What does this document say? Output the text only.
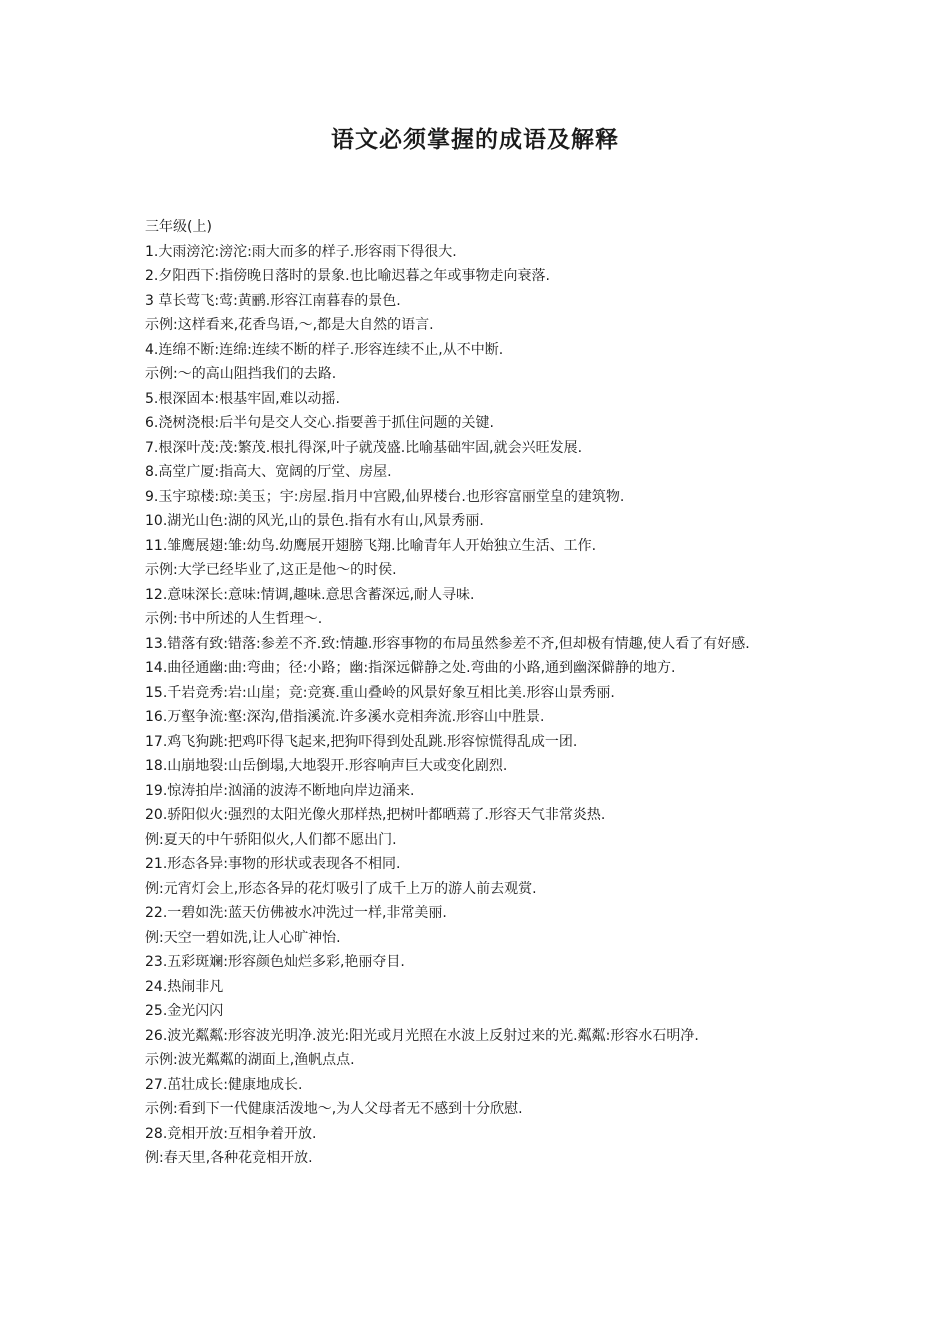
语文必须掌握的成语及解释

三年级(上)

1.大雨滂沱:滂沱:雨大而多的样子.形容雨下得很大.

2.夕阳西下:指傍晚日落时的景象.也比喻迟暮之年或事物走向衰落.

3 草长莺飞:莺:黄鹂.形容江南暮春的景色.

示例:这样看来,花香鸟语,～,都是大自然的语言.

4.连绵不断:连绵:连续不断的样子.形容连续不止,从不中断.

示例:～的高山阻挡我们的去路.

5.根深固本:根基牢固,难以动摇.

6.浇树浇根:后半句是交人交心.指要善于抓住问题的关键.

7.根深叶茂:茂:繁茂.根扎得深,叶子就茂盛.比喻基础牢固,就会兴旺发展.

8.高堂广厦:指高大、宽阔的厅堂、房屋.

9.玉宇琼楼:琼:美玉；宇:房屋.指月中宫殿,仙界楼台.也形容富丽堂皇的建筑物.

10.湖光山色:湖的风光,山的景色.指有水有山,风景秀丽.

11.雏鹰展翅:雏:幼鸟.幼鹰展开翅膀飞翔.比喻青年人开始独立生活、工作.

示例:大学已经毕业了,这正是他～的时侯.

12.意味深长:意味:情调,趣味.意思含蓄深远,耐人寻味.

示例:书中所述的人生哲理～.

13.错落有致:错落:参差不齐.致:情趣.形容事物的布局虽然参差不齐,但却极有情趣,使人看了有好感.

14.曲径通幽:曲:弯曲；径:小路；幽:指深远僻静之处.弯曲的小路,通到幽深僻静的地方.

15.千岩竞秀:岩:山崖；竞:竞赛.重山叠岭的风景好象互相比美.形容山景秀丽.

16.万壑争流:壑:深沟,借指溪流.许多溪水竞相奔流.形容山中胜景.

17.鸡飞狗跳:把鸡吓得飞起来,把狗吓得到处乱跳.形容惊慌得乱成一团.

18.山崩地裂:山岳倒塌,大地裂开.形容响声巨大或变化剧烈.

19.惊涛拍岸:汹涌的波涛不断地向岸边涌来.

20.骄阳似火:强烈的太阳光像火那样热,把树叶都晒蔫了.形容天气非常炎热.

例:夏天的中午骄阳似火,人们都不愿出门.

21.形态各异:事物的形状或表现各不相同.

例:元宵灯会上,形态各异的花灯吸引了成千上万的游人前去观赏.

22.一碧如洗:蓝天仿佛被水冲洗过一样,非常美丽.

例:天空一碧如洗,让人心旷神怡.

23.五彩斑斓:形容颜色灿烂多彩,艳丽夺目.

24.热闹非凡

25.金光闪闪

26.波光粼粼:形容波光明净.波光:阳光或月光照在水波上反射过来的光.粼粼:形容水石明净.

示例:波光粼粼的湖面上,渔帆点点.

27.茁壮成长:健康地成长.

示例:看到下一代健康活泼地～,为人父母者无不感到十分欣慰.

28.竞相开放:互相争着开放.

例:春天里,各种花竞相开放.
